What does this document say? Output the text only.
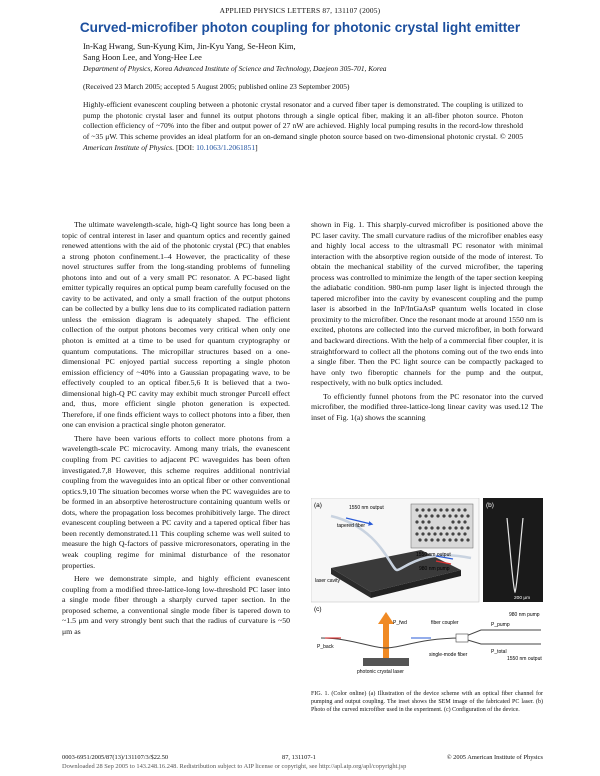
APPLIED PHYSICS LETTERS 87, 131107 (2005)
Curved-microfiber photon coupling for photonic crystal light emitter
In-Kag Hwang, Sun-Kyung Kim, Jin-Kyu Yang, Se-Heon Kim,
Sang Hoon Lee, and Yong-Hee Lee
Department of Physics, Korea Advanced Institute of Science and Technology, Daejeon 305-701, Korea
(Received 23 March 2005; accepted 5 August 2005; published online 23 September 2005)
Highly-efficient evanescent coupling between a photonic crystal resonator and a curved fiber taper is demonstrated. The coupling is utilized to pump the photonic crystal laser and funnel its output photons through a single optical fiber, making it an all-fiber photon source. Photon collection efficiency of ~70% into the fiber and output power of 27 nW are achieved. Highly local pumping results in the record-low threshold of ~35 μW. This scheme provides an ideal platform for an on-demand single photon source based on two-dimensional photonic crystal. © 2005 American Institute of Physics. [DOI: 10.1063/1.2061851]

The ultimate wavelength-scale, high-Q light source has long been a topic of central interest in laser and quantum optics and recently gained renewed attentions with the aid of the photonic crystal (PC) that enables a strong photon confinement.1–4 However, the practicality of these novel structures suffer from the long-standing problems of funneling photons into and out of a very small PC resonator. A PC-based light emitter typically requires an optical pump beam carefully focused on the cavity to be activated, and only a small fraction of the output photons can be collected by a bulky lens due to its complicated radiation pattern unless the emission diagram is adequately shaped. The efficient collection of the output photons becomes very critical when only one photon is emitted at a time to be used for quantum cryptography or quantum computations. The micropillar structures based on a one-dimensional PC enjoyed partial success reporting a single photon emission efficiency of ~40% into a Gaussian propagating wave, to be effectively coupled to an optical fiber.5,6 It is believed that a two-dimensional high-Q PC cavity may exhibit much stronger Purcell effect and, thus, more efficient single photon generation is expected. Therefore, if one finds efficient ways to collect photons into a fiber, then one can envision a practical single photon generator.

There have been various efforts to collect more photons from a wavelength-scale PC microcavity. Among many trials, the evanescent coupling from PC cavities to adjacent PC waveguides has been often investigated.7,8 However, this scheme requires additional nontrivial coupling from the waveguides into an optical fiber or other conventional optics.9,10 The situation becomes worse when the PC waveguides are to be formed in an absorptive heterostructure containing quantum wells or dots, where the propagation loss becomes prohibitively large. The direct evanescent coupling between a PC cavity and a tapered optical fiber has been recently demonstrated.11 This coupling scheme was well suited to measure the high Q-factors of passive microresonators, operating in the weak coupling regime for minimal disturbance of the resonator properties.

Here we demonstrate simple, and highly efficient evanescent coupling from a modified three-lattice-long low-threshold PC laser into a single mode fiber through a sharply curved taper section. In the proposed scheme, a conventional single mode fiber is tapered down to ~1.5 μm and very strongly bent such that the radius of curvature is ~50 μm as

shown in Fig. 1. This sharply-curved microfiber is positioned above the PC laser cavity. The small curvature radius of the microfiber enables easy and highly local access to the ultrasmall PC resonator with minimal interaction with the absorptive region outside of the mode of interest. To obtain the mechanical stability of the curved microfiber, the tapering process was controlled to minimize the length of the taper section keeping the adiabatic condition. 980-nm pump laser light is injected through the tapered microfiber into the cavity by evanescent coupling and the pump laser is absorbed in the InP/InGaAsP quantum wells located in close proximity to the microfiber. Once the resonant mode at around 1550 nm is excited, photons are collected into the curved microfiber, in both forward and backward directions. With the help of a commercial fiber coupler, it is straightforward to collect all the photons coming out of the two ends into a single fiber. Then the PC light source can be compactly packaged to have only two fiberoptic channels for the pump and the output, respectively, with no bulk optics included.

To efficiently funnel photons from the PC resonator into the curved microfiber, the modified three-lattice-long linear cavity was used.12 The inset of Fig. 1(a) shows the scanning

(a)	1550 nm output
tapered fiber
laser cavity
1550 nm output
980 nm pump
(b)
200 μm
(c)
P_back
P_fwd	P_pump
P_total
fiber coupler
single-mode fiber
980 nm pump
1550 nm output
photonic crystal laser
FIG. 1. (Color online) (a) Illustration of the device scheme with an optical fiber channel for pumping and output coupling. The inset shows the SEM image of the fabricated PC laser. (b) Photo of the curved microfiber used in the experiment. (c) Configuration of the device.
0003-6951/2005/87(13)/131107/3/$22.50	87, 131107-1	© 2005 American Institute of Physics
Downloaded 28 Sep 2005 to 143.248.16.248. Redistribution subject to AIP license or copyright, see http://apl.aip.org/apl/copyright.jsp
